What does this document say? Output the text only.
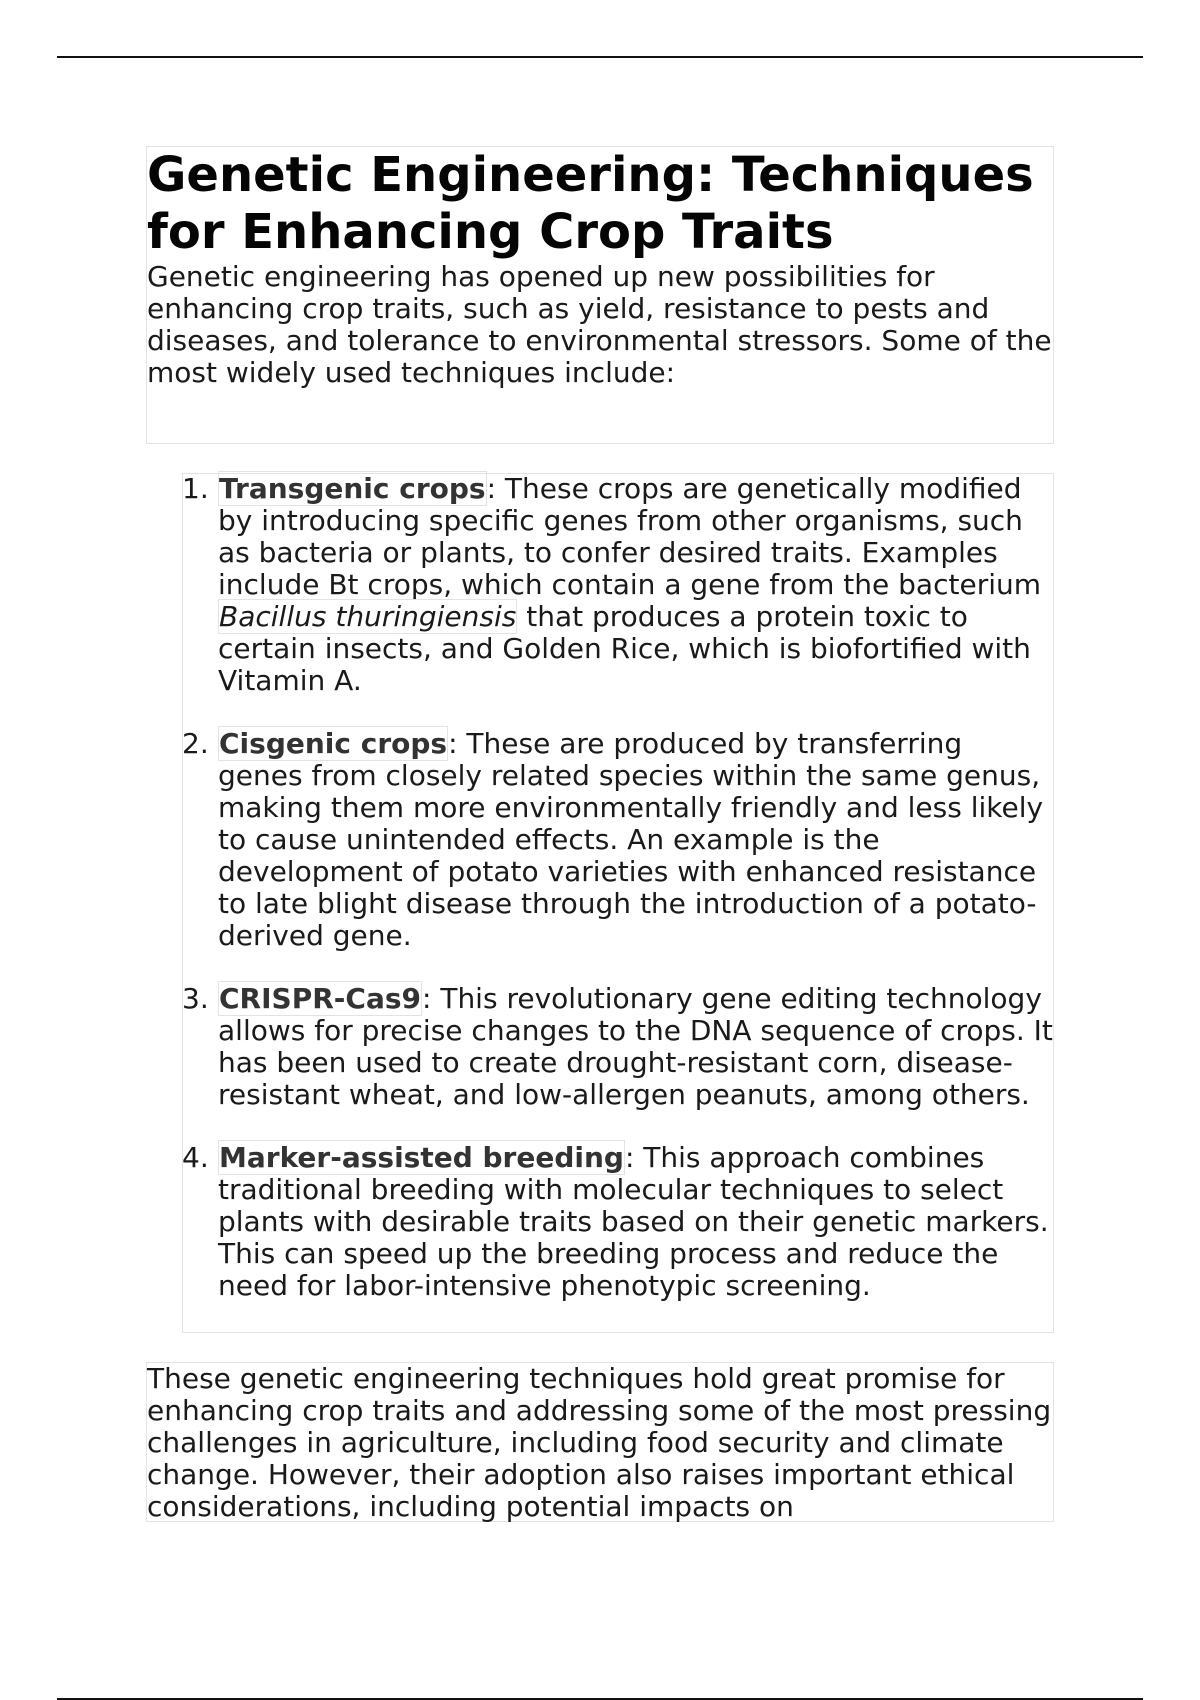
Genetic Engineering: Techniques for Enhancing Crop Traits

Genetic engineering has opened up new possibilities for enhancing crop traits, such as yield, resistance to pests and diseases, and tolerance to environmental stressors. Some of the most widely used techniques include:

1. Transgenic crops: These crops are genetically modified by introducing specific genes from other organisms, such as bacteria or plants, to confer desired traits. Examples include Bt crops, which contain a gene from the bacterium Bacillus thuringiensis that produces a protein toxic to certain insects, and Golden Rice, which is biofortified with Vitamin A.
2. Cisgenic crops: These are produced by transferring genes from closely related species within the same genus, making them more environmentally friendly and less likely to cause unintended effects. An example is the development of potato varieties with enhanced resistance to late blight disease through the introduction of a potato-derived gene.
3. CRISPR-Cas9: This revolutionary gene editing technology allows for precise changes to the DNA sequence of crops. It has been used to create drought-resistant corn, disease-resistant wheat, and low-allergen peanuts, among others.
4. Marker-assisted breeding: This approach combines traditional breeding with molecular techniques to select plants with desirable traits based on their genetic markers. This can speed up the breeding process and reduce the need for labor-intensive phenotypic screening.

These genetic engineering techniques hold great promise for enhancing crop traits and addressing some of the most pressing challenges in agriculture, including food security and climate change. However, their adoption also raises important ethical considerations, including potential impacts on
